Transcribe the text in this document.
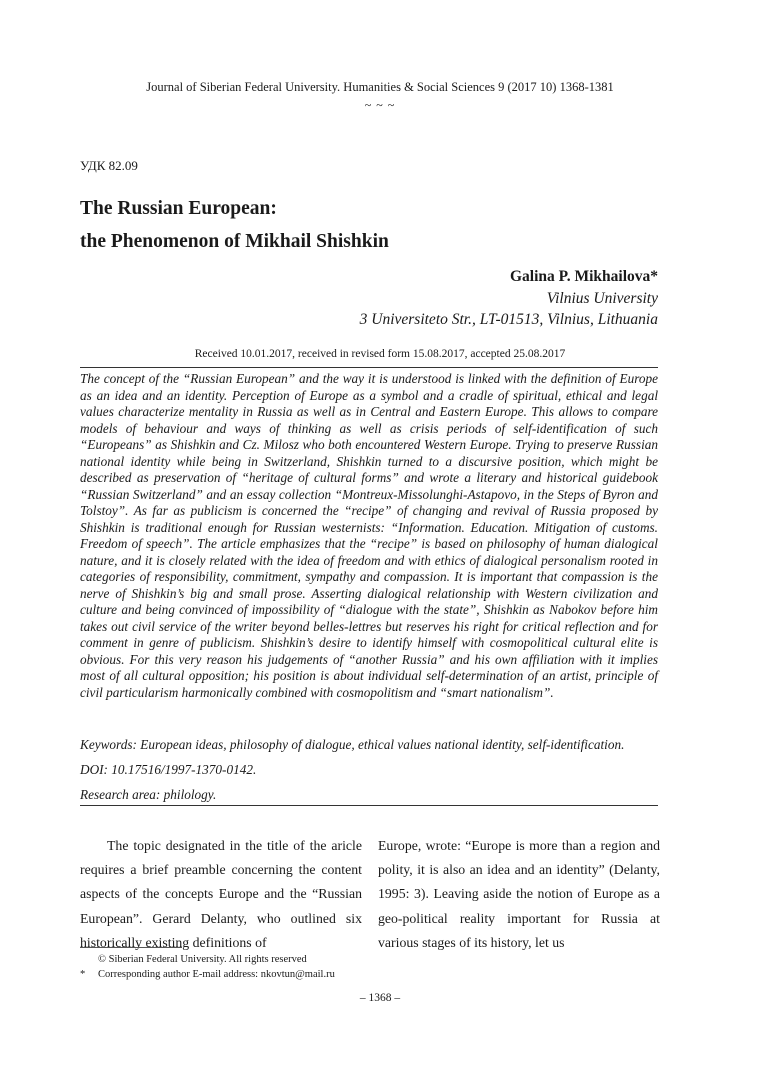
Journal of Siberian Federal University. Humanities & Social Sciences 9 (2017 10) 1368-1381
~ ~ ~
УДК 82.09
The Russian European:
the Phenomenon of Mikhail Shishkin
Galina P. Mikhailova*
Vilnius University
3 Universiteto Str., LT-01513, Vilnius, Lithuania
Received 10.01.2017, received in revised form 15.08.2017, accepted 25.08.2017

The concept of the “Russian European” and the way it is understood is linked with the definition of Europe as an idea and an identity. Perception of Europe as a symbol and a cradle of spiritual, ethical and legal values characterize mentality in Russia as well as in Central and Eastern Europe. This allows to compare models of behaviour and ways of thinking as well as crisis periods of self-identification of such “Europeans” as Shishkin and Cz. Milosz who both encountered Western Europe. Trying to preserve Russian national identity while being in Switzerland, Shishkin turned to a discursive position, which might be described as preservation of “heritage of cultural forms” and wrote a literary and historical guidebook “Russian Switzerland” and an essay collection “Montreux-Missolunghi-Astapovo, in the Steps of Byron and Tolstoy”. As far as publicism is concerned the “recipe” of changing and revival of Russia proposed by Shishkin is traditional enough for Russian westernists: “Information. Education. Mitigation of customs. Freedom of speech”. The article emphasizes that the “recipe” is based on philosophy of human dialogical nature, and it is closely related with the idea of freedom and with ethics of dialogical personalism rooted in categories of responsibility, commitment, sympathy and compassion. It is important that compassion is the nerve of Shishkin’s big and small prose. Asserting dialogical relationship with Western civilization and culture and being convinced of impossibility of “dialogue with the state”, Shishkin as Nabokov before him takes out civil service of the writer beyond belles-lettres but reserves his right for critical reflection and for comment in genre of publicism. Shishkin’s desire to identify himself with cosmopolitical cultural elite is obvious. For this very reason his judgements of “another Russia” and his own affiliation with it implies most of all cultural opposition; his position is about individual self-determination of an artist, principle of civil particularism harmonically combined with cosmopolitism and “smart nationalism”.

Keywords: European ideas, philosophy of dialogue, ethical values national identity, self-identification.

DOI: 10.17516/1997-1370-0142.

Research area: philology.

The topic designated in the title of the aricle requires a brief preamble concerning the content aspects of the concepts Europe and the “Russian European”. Gerard Delanty, who outlined six historically existing definitions of

Europe, wrote: “Europe is more than a region and polity, it is also an idea and an identity” (Delanty, 1995: 3). Leaving aside the notion of Europe as a geo-political reality important for Russia at various stages of its history, let us

© Siberian Federal University. All rights reserved
* Corresponding author E-mail address: nkovtun@mail.ru
– 1368 –
